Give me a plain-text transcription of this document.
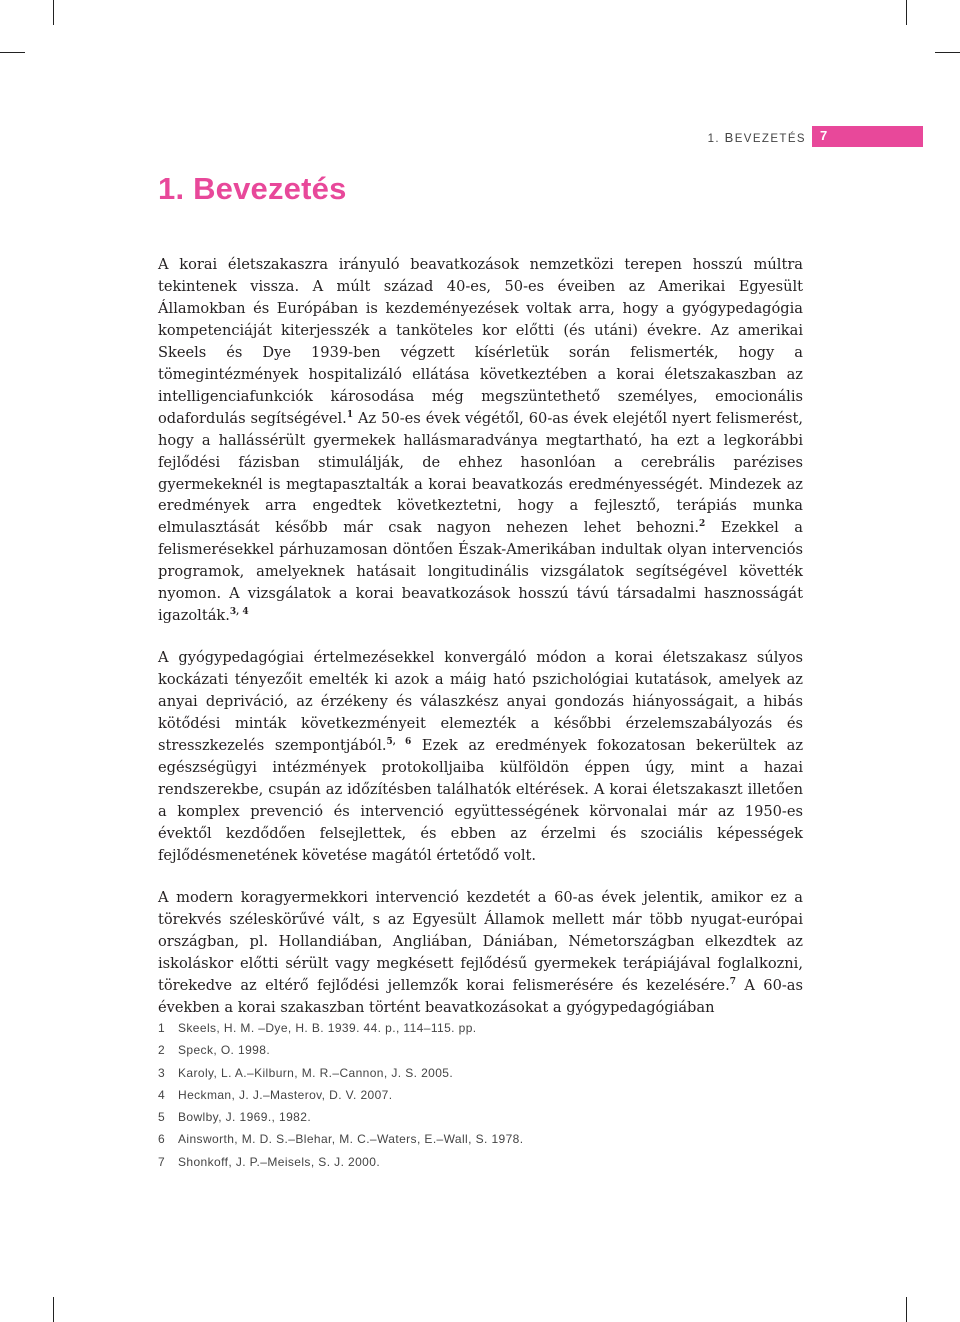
1. BEVEZETÉS 7
1. Bevezetés

A korai életszakaszra irányuló beavatkozások nemzetközi terepen hosszú múltra tekintenek vissza. A múlt század 40-es, 50-es éveiben az Amerikai Egyesült Államokban és Európában is kezdeményezések voltak arra, hogy a gyógypedagógia kompetenciáját kiterjesszék a tanköteles kor előtti (és utáni) évekre. Az amerikai Skeels és Dye 1939-ben végzett kísérletük során felismerték, hogy a tömegintézmények hospitalizáló ellátása következtében a korai életszakaszban az intelligenciafunkciók károsodása még megszüntethető személyes, emocionális odafordulás segítségével.$^1$ Az 50-es évek végétől, 60-as évek elejétől nyert felismerést, hogy a hallássérült gyermekek hallásmaradványa megtartható, ha ezt a legkorábbi fejlődési fázisban stimulálják, de ehhez hasonlóan a cerebrális parézises gyermekeknél is megtapasztalták a korai beavatkozás eredményességét. Mindezek az eredmények arra engedtek következtetni, hogy a fejlesztő, terápiás munka elmulasztását később már csak nagyon nehezen lehet behozni.$^2$ Ezekkel a felismerésekkel párhuzamosan döntően Észak-Amerikában indultak olyan intervenciós programok, amelyeknek hatásait longitudinális vizsgálatok segítségével követték nyomon. A vizsgálatok a korai beavatkozások hosszú távú társadalmi hasznosságát igazolták.$^{3, 4}$

A gyógypedagógiai értelmezésekkel konvergáló módon a korai életszakasz súlyos kockázati tényezőit emelték ki azok a máig ható pszichológiai kutatások, amelyek az anyai depriváció, az érzékeny és válaszkész anyai gondozás hiányosságait, a hibás kötődési minták következményeit elemezték a későbbi érzelemszabályozás és stresszkezelés szempontjából.$^{5, 6}$ Ezek az eredmények fokozatosan bekerültek az egészségügyi intézmények protokolljaiba külföldön éppen úgy, mint a hazai rendszerekbe, csupán az időzítésben találhatók eltérések. A korai életszakaszt illetően a komplex prevenció és intervenció együttességének körvonalai már az 1950-es évektől kezdődően felsejlettek, és ebben az érzelmi és szociális képességek fejlődésmenetének követése magától értetődő volt.

A modern koragyermekkori intervenció kezdetét a 60-as évek jelentik, amikor ez a törekvés széleskörűvé vált, s az Egyesült Államok mellett már több nyugat-európai országban, pl. Hollandiában, Angliában, Dániában, Németországban elkezdtek az iskoláskor előtti sérült vagy megkésett fejlődésű gyermekek terápiájával foglalkozni, törekedve az eltérő fejlődési jellemzők korai felismerésére és kezelésére.$^7$ A 60-as években a korai szakaszban történt beavatkozásokat a gyógypedagógiában

1 Skeels, H. M. –Dye, H. B. 1939. 44. p., 114–115. pp.
2 Speck, O. 1998.
3 Karoly, L. A.–Kilburn, M. R.–Cannon, J. S. 2005.
4 Heckman, J. J.–Masterov, D. V. 2007.
5 Bowlby, J. 1969., 1982.
6 Ainsworth, M. D. S.–Blehar, M. C.–Waters, E.–Wall, S. 1978.
7 Shonkoff, J. P.–Meisels, S. J. 2000.
